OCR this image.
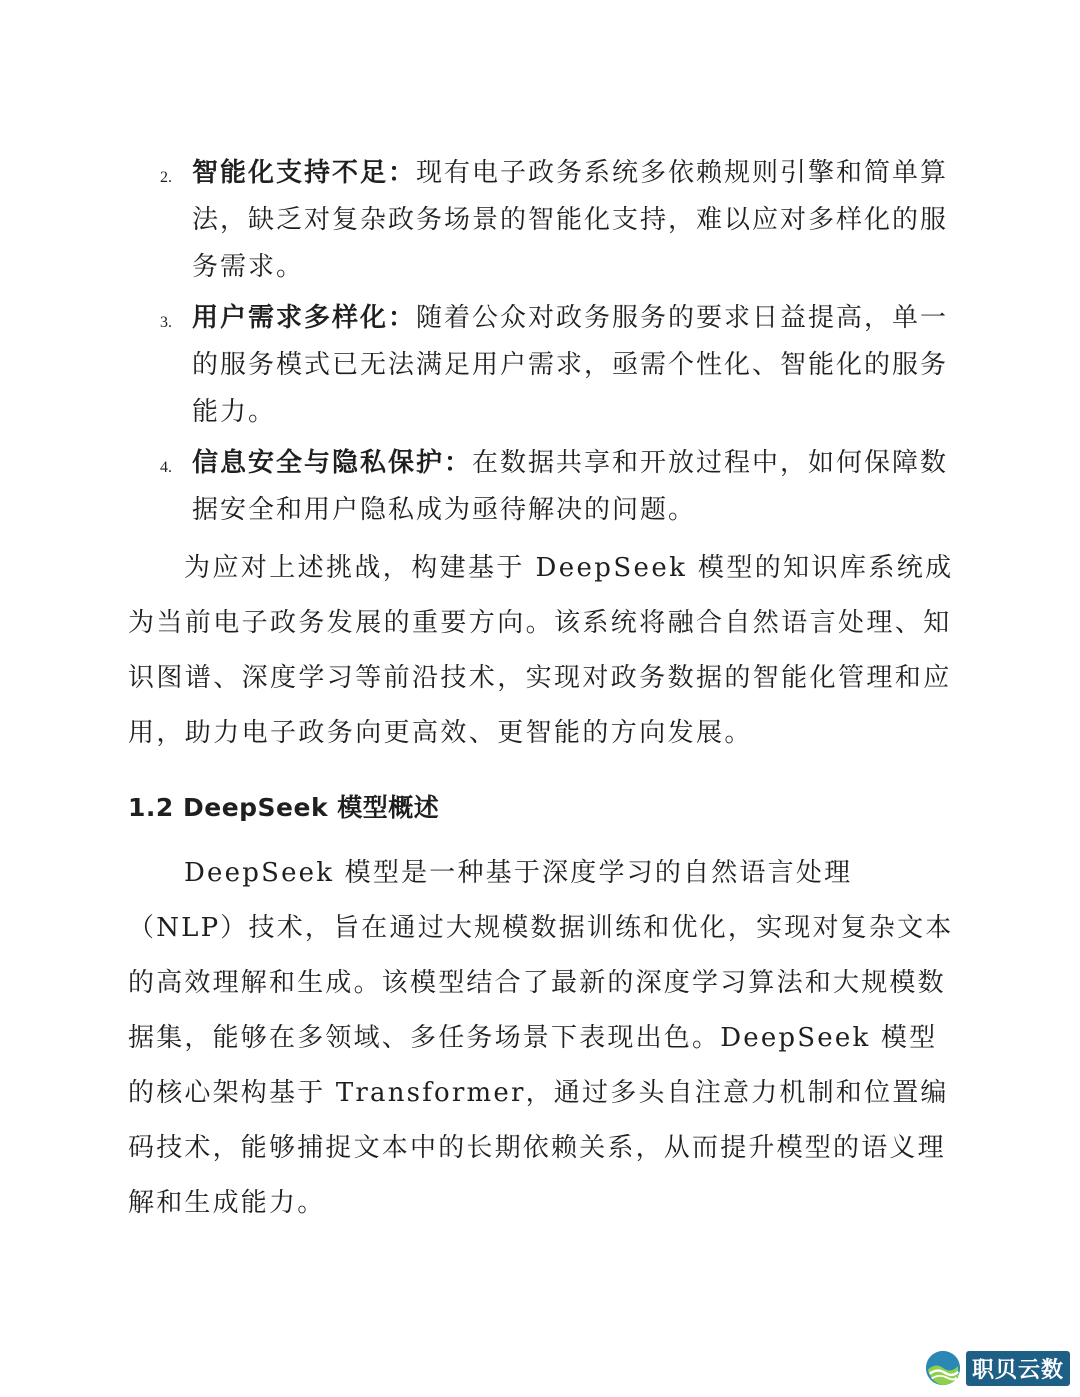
2. 智能化支持不足：现有电子政务系统多依赖规则引擎和简单算法，缺乏对复杂政务场景的智能化支持，难以应对多样化的服务需求。
3. 用户需求多样化：随着公众对政务服务的要求日益提高，单一的服务模式已无法满足用户需求，亟需个性化、智能化的服务能力。
4. 信息安全与隐私保护：在数据共享和开放过程中，如何保障数据安全和用户隐私成为亟待解决的问题。

为应对上述挑战，构建基于 DeepSeek 模型的知识库系统成为当前电子政务发展的重要方向。该系统将融合自然语言处理、知识图谱、深度学习等前沿技术，实现对政务数据的智能化管理和应用，助力电子政务向更高效、更智能的方向发展。

1.2 DeepSeek 模型概述

DeepSeek 模型是一种基于深度学习的自然语言处理（NLP）技术，旨在通过大规模数据训练和优化，实现对复杂文本的高效理解和生成。该模型结合了最新的深度学习算法和大规模数据集，能够在多领域、多任务场景下表现出色。DeepSeek 模型的核心架构基于 Transformer，通过多头自注意力机制和位置编码技术，能够捕捉文本中的长期依赖关系，从而提升模型的语义理解和生成能力。

职贝云数
